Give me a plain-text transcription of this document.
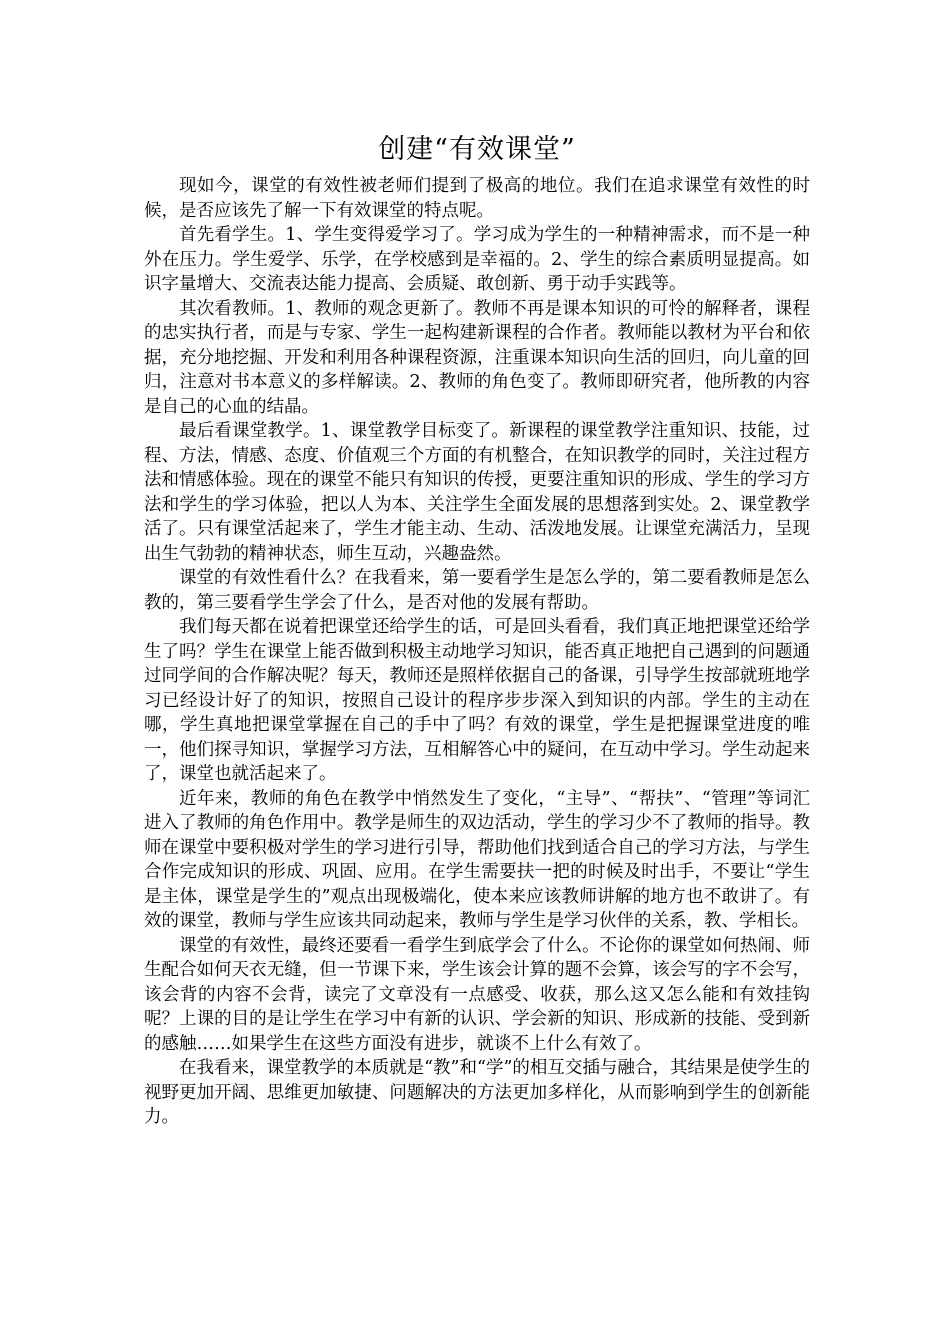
创建“有效课堂”

现如今，课堂的有效性被老师们提到了极高的地位。我们在追求课堂有效性的时候，是否应该先了解一下有效课堂的特点呢。

首先看学生。1、学生变得爱学习了。学习成为学生的一种精神需求，而不是一种外在压力。学生爱学、乐学，在学校感到是幸福的。2、学生的综合素质明显提高。如识字量增大、交流表达能力提高、会质疑、敢创新、勇于动手实践等。

其次看教师。1、教师的观念更新了。教师不再是课本知识的可怜的解释者，课程的忠实执行者，而是与专家、学生一起构建新课程的合作者。教师能以教材为平台和依据，充分地挖掘、开发和利用各种课程资源，注重课本知识向生活的回归，向儿童的回归，注意对书本意义的多样解读。2、教师的角色变了。教师即研究者，他所教的内容是自己的心血的结晶。

最后看课堂教学。1、课堂教学目标变了。新课程的课堂教学注重知识、技能，过程、方法，情感、态度、价值观三个方面的有机整合，在知识教学的同时，关注过程方法和情感体验。现在的课堂不能只有知识的传授，更要注重知识的形成、学生的学习方法和学生的学习体验，把以人为本、关注学生全面发展的思想落到实处。2、课堂教学活了。只有课堂活起来了，学生才能主动、生动、活泼地发展。让课堂充满活力，呈现出生气勃勃的精神状态，师生互动，兴趣盎然。

课堂的有效性看什么？在我看来，第一要看学生是怎么学的，第二要看教师是怎么教的，第三要看学生学会了什么，是否对他的发展有帮助。

我们每天都在说着把课堂还给学生的话，可是回头看看，我们真正地把课堂还给学生了吗？学生在课堂上能否做到积极主动地学习知识，能否真正地把自己遇到的问题通过同学间的合作解决呢？每天，教师还是照样依据自己的备课，引导学生按部就班地学习已经设计好了的知识，按照自己设计的程序步步深入到知识的内部。学生的主动在哪，学生真地把课堂掌握在自己的手中了吗？有效的课堂，学生是把握课堂进度的唯一，他们探寻知识，掌握学习方法，互相解答心中的疑问，在互动中学习。学生动起来了，课堂也就活起来了。

近年来，教师的角色在教学中悄然发生了变化，“主导”、“帮扶”、“管理”等词汇进入了教师的角色作用中。教学是师生的双边活动，学生的学习少不了教师的指导。教师在课堂中要积极对学生的学习进行引导，帮助他们找到适合自己的学习方法，与学生合作完成知识的形成、巩固、应用。在学生需要扶一把的时候及时出手，不要让“学生是主体，课堂是学生的”观点出现极端化，使本来应该教师讲解的地方也不敢讲了。有效的课堂，教师与学生应该共同动起来，教师与学生是学习伙伴的关系，教、学相长。

课堂的有效性，最终还要看一看学生到底学会了什么。不论你的课堂如何热闹、师生配合如何天衣无缝，但一节课下来，学生该会计算的题不会算，该会写的字不会写，该会背的内容不会背，读完了文章没有一点感受、收获，那么这又怎么能和有效挂钩呢？上课的目的是让学生在学习中有新的认识、学会新的知识、形成新的技能、受到新的感触……如果学生在这些方面没有进步，就谈不上什么有效了。

在我看来，课堂教学的本质就是“教”和“学”的相互交插与融合，其结果是使学生的视野更加开阔、思维更加敏捷、问题解决的方法更加多样化，从而影响到学生的创新能力。
